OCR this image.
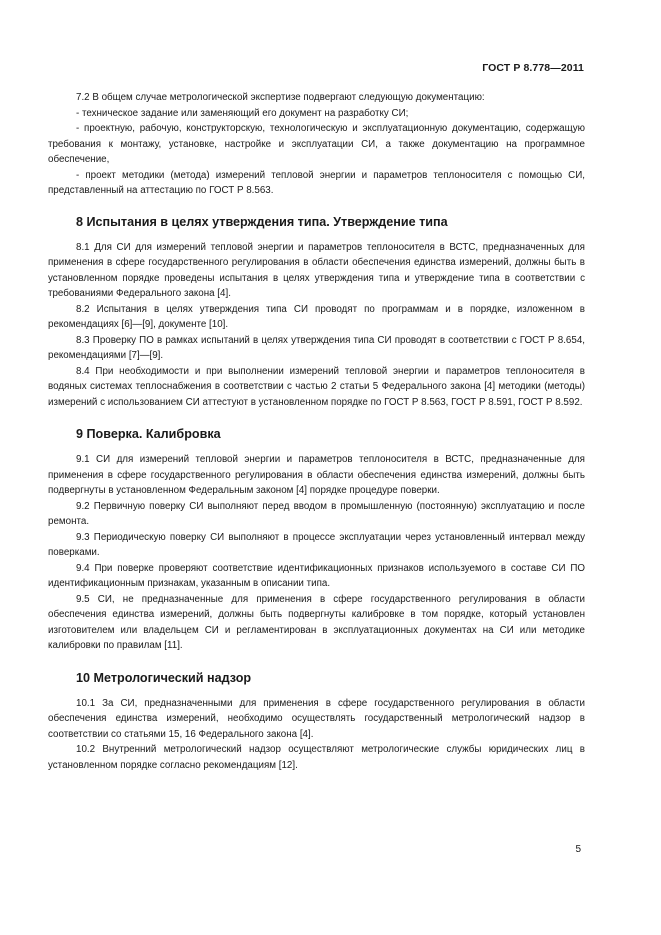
ГОСТ Р 8.778—2011

7.2 В общем случае метрологической экспертизе подвергают следующую документацию:

- техническое задание или заменяющий его документ на разработку СИ;

- проектную, рабочую, конструкторскую, технологическую и эксплуатационную документацию, содержащую требования к монтажу, установке, настройке и эксплуатации СИ, а также документацию на программное обеспечение,

- проект методики (метода) измерений тепловой энергии и параметров теплоносителя с помощью СИ, представленный на аттестацию по ГОСТ Р 8.563.

8 Испытания в целях утверждения типа. Утверждение типа

8.1 Для СИ для измерений тепловой энергии и параметров теплоносителя в ВСТС, предназначенных для применения в сфере государственного регулирования в области обеспечения единства измерений, должны быть в установленном порядке проведены испытания в целях утверждения типа и утверждение типа в соответствии с требованиями Федерального закона [4].

8.2 Испытания в целях утверждения типа СИ проводят по программам и в порядке, изложенном в рекомендациях [6]—[9], документе [10].

8.3 Проверку ПО в рамках испытаний в целях утверждения типа СИ проводят в соответствии с ГОСТ Р 8.654, рекомендациями [7]—[9].

8.4 При необходимости и при выполнении измерений тепловой энергии и параметров теплоносителя в водяных системах теплоснабжения в соответствии с частью 2 статьи 5 Федерального закона [4] методики (методы) измерений с использованием СИ аттестуют в установленном порядке по ГОСТ Р 8.563, ГОСТ Р 8.591, ГОСТ Р 8.592.

9 Поверка. Калибровка

9.1 СИ для измерений тепловой энергии и параметров теплоносителя в ВСТС, предназначенные для применения в сфере государственного регулирования в области обеспечения единства измерений, должны быть подвергнуты в установленном Федеральным законом [4] порядке процедуре поверки.

9.2 Первичную поверку СИ выполняют перед вводом в промышленную (постоянную) эксплуатацию и после ремонта.

9.3 Периодическую поверку СИ выполняют в процессе эксплуатации через установленный интервал между поверками.

9.4 При поверке проверяют соответствие идентификационных признаков используемого в составе СИ ПО идентификационным признакам, указанным в описании типа.

9.5 СИ, не предназначенные для применения в сфере государственного регулирования в области обеспечения единства измерений, должны быть подвергнуты калибровке в том порядке, который установлен изготовителем или владельцем СИ и регламентирован в эксплуатационных документах на СИ или методике калибровки по правилам [11].

10 Метрологический надзор

10.1 За СИ, предназначенными для применения в сфере государственного регулирования в области обеспечения единства измерений, необходимо осуществлять государственный метрологический надзор в соответствии со статьями 15, 16 Федерального закона [4].

10.2 Внутренний метрологический надзор осуществляют метрологические службы юридических лиц в установленном порядке согласно рекомендациям [12].

5
